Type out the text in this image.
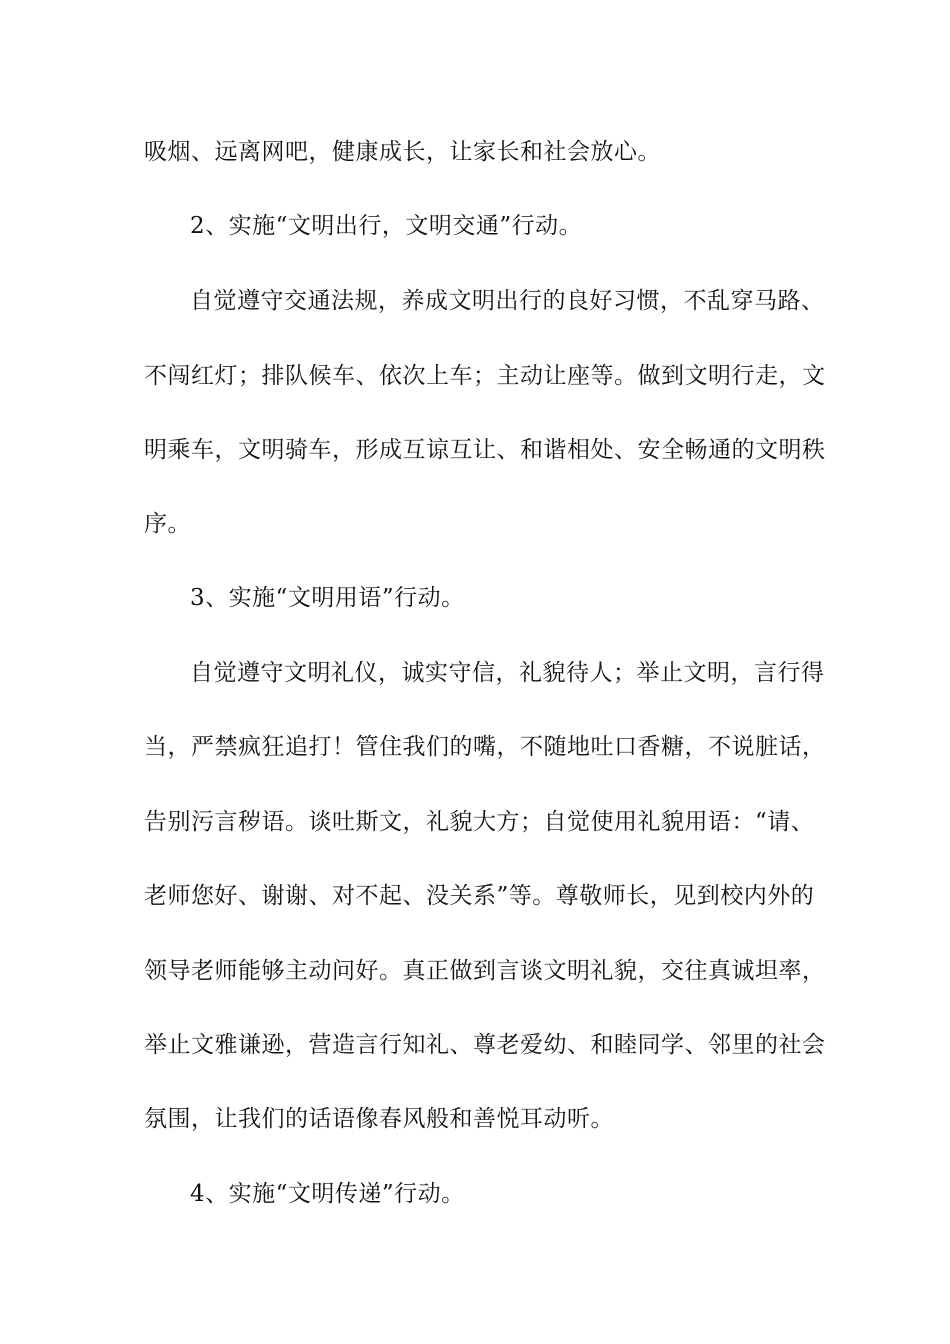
吸烟、远离网吧，健康成长，让家长和社会放心。

2、实施“文明出行，文明交通”行动。

自觉遵守交通法规，养成文明出行的良好习惯，不乱穿马路、

不闯红灯；排队候车、依次上车；主动让座等。做到文明行走，文

明乘车，文明骑车，形成互谅互让、和谐相处、安全畅通的文明秩

序。

3、实施“文明用语”行动。

自觉遵守文明礼仪，诚实守信，礼貌待人；举止文明，言行得

当，严禁疯狂追打！管住我们的嘴，不随地吐口香糖，不说脏话，

告别污言秽语。谈吐斯文，礼貌大方；自觉使用礼貌用语：“请、

老师您好、谢谢、对不起、没关系”等。尊敬师长，见到校内外的

领导老师能够主动问好。真正做到言谈文明礼貌，交往真诚坦率，

举止文雅谦逊，营造言行知礼、尊老爱幼、和睦同学、邻里的社会

氛围，让我们的话语像春风般和善悦耳动听。

4、实施“文明传递”行动。
